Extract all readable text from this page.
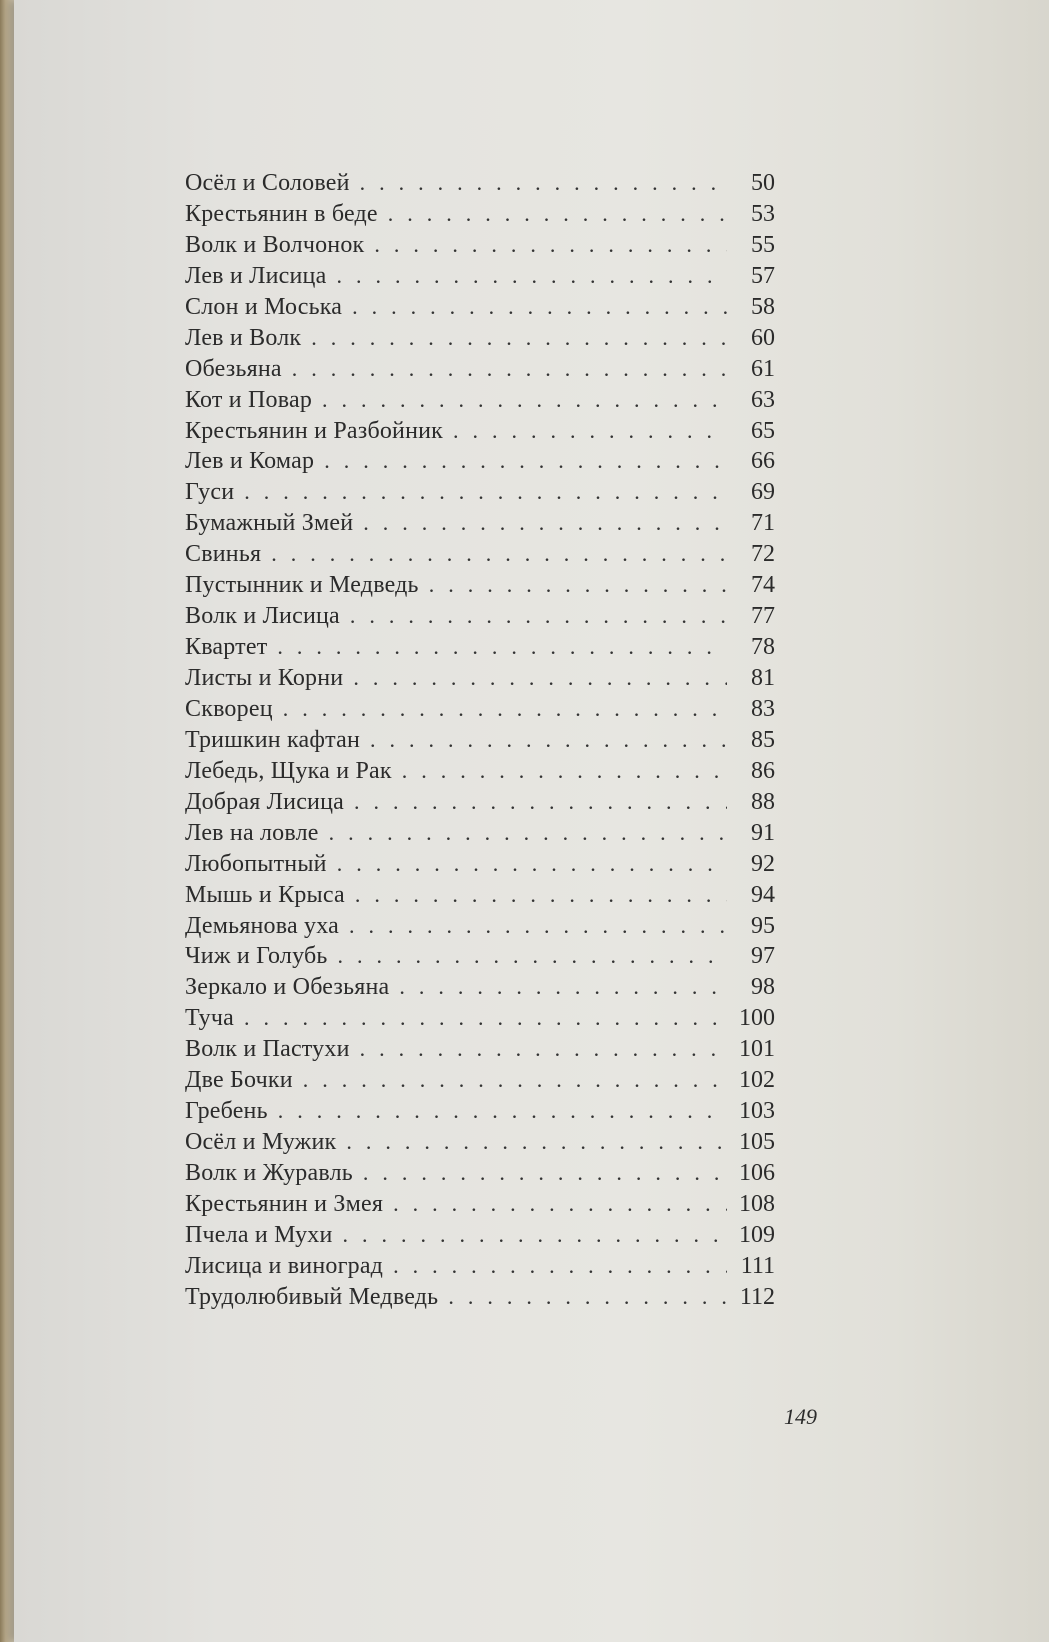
Осёл и Соловей .....	50
Крестьянин в беде .....	53
Волк и Волчонок .....	55
Лев и Лисица .....	57
Слон и Моська .....	58
Лев и Волк .....	60
Обезьяна .....	61
Кот и Повар .....	63
Крестьянин и Разбойник .....	65
Лев и Комар .....	66
Гуси .....	69
Бумажный Змей .....	71
Свинья .....	72
Пустынник и Медведь .....	74
Волк и Лисица .....	77
Квартет .....	78
Листы и Корни .....	81
Скворец .....	83
Тришкин кафтан .....	85
Лебедь, Щука и Рак .....	86
Добрая Лисица .....	88
Лев на ловле .....	91
Любопытный .....	92
Мышь и Крыса .....	94
Демьянова уха .....	95
Чиж и Голубь .....	97
Зеркало и Обезьяна .....	98
Туча .....	100
Волк и Пастухи .....	101
Две Бочки .....	102
Гребень .....	103
Осёл и Мужик .....	105
Волк и Журавль .....	106
Крестьянин и Змея .....	108
Пчела и Мухи .....	109
Лисица и виноград .....	111
Трудолюбивый Медведь .....	112
149
